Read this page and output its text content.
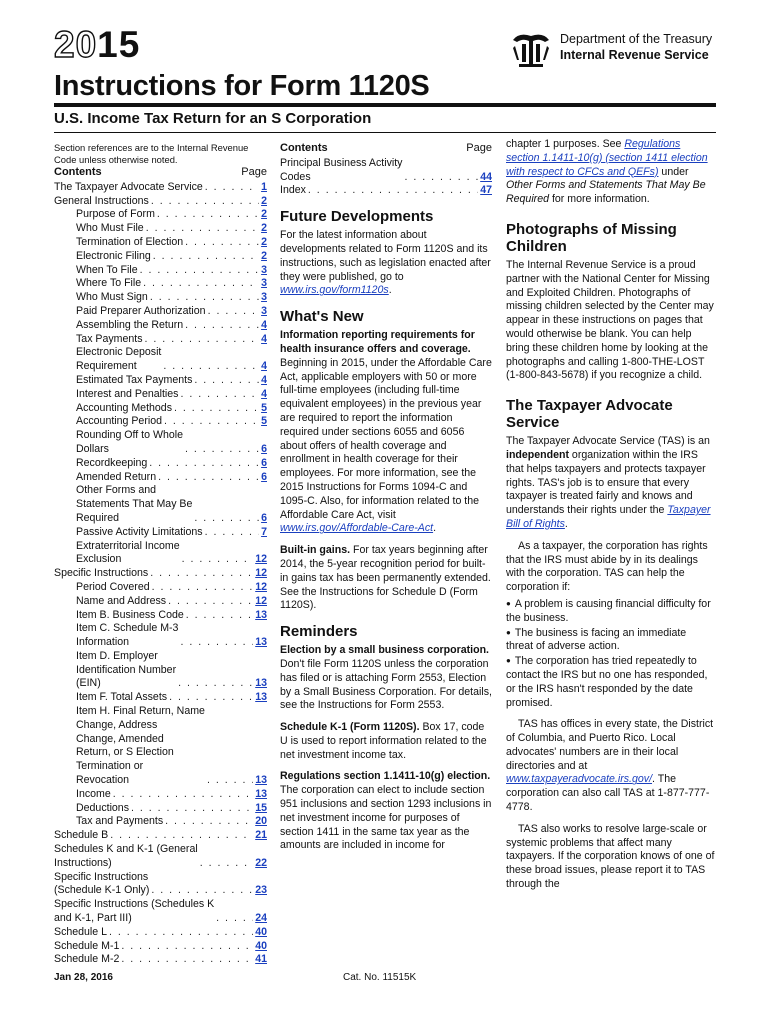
2015	Department of the Treasury
Internal Revenue Service
Instructions for Form 1120S
U.S. Income Tax Return for an S Corporation
Section references are to the Internal Revenue Code unless otherwise noted.
Contents	Page
The Taxpayer Advocate Service . . .	1
General Instructions . . .	2
Purpose of Form . . .	2
Who Must File . . .	2
Termination of Election . . .	2
Electronic Filing . . .	2
When To File . . .	3
Where To File . . .	3
Who Must Sign . . .	3
Paid Preparer Authorization . . .	3
Assembling the Return . . .	4
Tax Payments . . .	4
Electronic Deposit
Requirement . . .	4
Estimated Tax Payments . . .	4
Interest and Penalties . . .	4
Accounting Methods . . .	5
Accounting Period . . .	5
Rounding Off to Whole
Dollars . . .	6
Recordkeeping . . .	6
Amended Return . . .	6
Other Forms and
Statements That May Be
Required . . .	6
Passive Activity Limitations . . .	7
Extraterritorial Income
Exclusion . . .	12
Specific Instructions . . .	12
Period Covered . . .	12
Name and Address . . .	12
Item B. Business Code . . .	13
Item C. Schedule M-3
Information . . .	13
Item D. Employer
Identification Number
(EIN) . . .	13
Item F. Total Assets . . .	13
Item H. Final Return, Name
Change, Address
Change, Amended
Return, or S Election
Termination or
Revocation . . .	13
Income . . .	13
Deductions . . .	15
Tax and Payments . . .	20
Schedule B . . .	21
Schedules K and K-1 (General
Instructions) . . .	22
Specific Instructions
(Schedule K-1 Only) . . .	23
Specific Instructions (Schedules K
and K-1, Part III) . . .	24
Schedule L . . .	40
Schedule M-1 . . .	40
Schedule M-2 . . .	41
Contents	Page
Principal Business Activity
Codes . . .	44
Index . . .	47
Future Developments

For the latest information about developments related to Form 1120S and its instructions, such as legislation enacted after they were published, go to www.irs.gov/form1120s.

What's New

Information reporting requirements for health insurance offers and coverage. Beginning in 2015, under the Affordable Care Act, applicable employers with 50 or more full-time employees (including full-time equivalent employees) in the previous year are required to report the information required under sections 6055 and 6056 about offers of health coverage and enrollment in health coverage for their employees. For more information, see the 2015 Instructions for Forms 1094-C and 1095-C. Also, for information related to the Affordable Care Act, visit www.irs.gov/Affordable-Care-Act.

Built-in gains. For tax years beginning after 2014, the 5-year recognition period for built-in gains tax has been permanently extended. See the Instructions for Schedule D (Form 1120S).

Reminders

Election by a small business corporation. Don't file Form 1120S unless the corporation has filed or is attaching Form 2553, Election by a Small Business Corporation. For details, see the Instructions for Form 2553.

Schedule K-1 (Form 1120S). Box 17, code U is used to report information related to the net investment income tax.

Regulations section 1.1411-10(g) election. The corporation can elect to include section 951 inclusions and section 1293 inclusions in net investment income for purposes of section 1411 in the same tax year as the amounts are included in income for

chapter 1 purposes. See Regulations section 1.1411-10(g) (section 1411 election with respect to CFCs and QEFs) under Other Forms and Statements That May Be Required for more information.

Photographs of Missing Children

The Internal Revenue Service is a proud partner with the National Center for Missing and Exploited Children. Photographs of missing children selected by the Center may appear in these instructions on pages that would otherwise be blank. You can help bring these children home by looking at the photographs and calling 1-800-THE-LOST (1-800-843-5678) if you recognize a child.

The Taxpayer Advocate Service

The Taxpayer Advocate Service (TAS) is an independent organization within the IRS that helps taxpayers and protects taxpayer rights. TAS's job is to ensure that every taxpayer is treated fairly and knows and understands their rights under the Taxpayer Bill of Rights.

As a taxpayer, the corporation has rights that the IRS must abide by in its dealings with the corporation. TAS can help the corporation if:

● A problem is causing financial difficulty for the business.

● The business is facing an immediate threat of adverse action.

● The corporation has tried repeatedly to contact the IRS but no one has responded, or the IRS hasn't responded by the date promised.

TAS has offices in every state, the District of Columbia, and Puerto Rico. Local advocates' numbers are in their local directories and at www.taxpayeradvocate.irs.gov/. The corporation can also call TAS at 1-877-777-4778.

TAS also works to resolve large-scale or systemic problems that affect many taxpayers. If the corporation knows of one of these broad issues, please report it to TAS through the

Jan 28, 2016	Cat. No. 11515K
